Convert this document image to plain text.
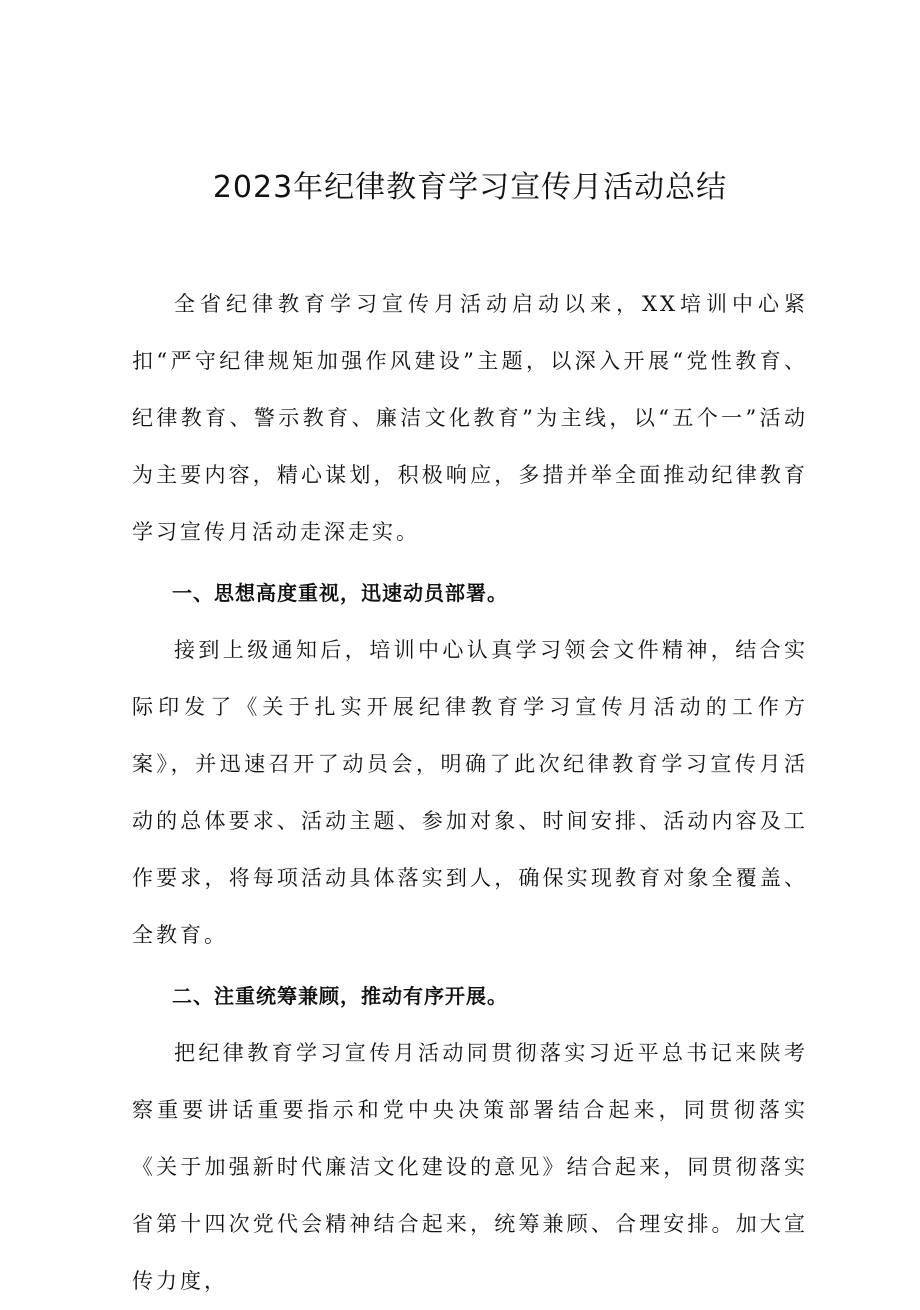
2023年纪律教育学习宣传月活动总结

全省纪律教育学习宣传月活动启动以来，XX培训中心紧扣“严守纪律规矩加强作风建设”主题，以深入开展“党性教育、纪律教育、警示教育、廉洁文化教育”为主线，以“五个一”活动为主要内容，精心谋划，积极响应，多措并举全面推动纪律教育学习宣传月活动走深走实。

一、思想高度重视，迅速动员部署。

接到上级通知后，培训中心认真学习领会文件精神，结合实际印发了《关于扎实开展纪律教育学习宣传月活动的工作方案》，并迅速召开了动员会，明确了此次纪律教育学习宣传月活动的总体要求、活动主题、参加对象、时间安排、活动内容及工作要求，将每项活动具体落实到人，确保实现教育对象全覆盖、全教育。

二、注重统筹兼顾，推动有序开展。

把纪律教育学习宣传月活动同贯彻落实习近平总书记来陕考察重要讲话重要指示和党中央决策部署结合起来，同贯彻落实《关于加强新时代廉洁文化建设的意见》结合起来，同贯彻落实省第十四次党代会精神结合起来，统筹兼顾、合理安排。加大宣传力度，
